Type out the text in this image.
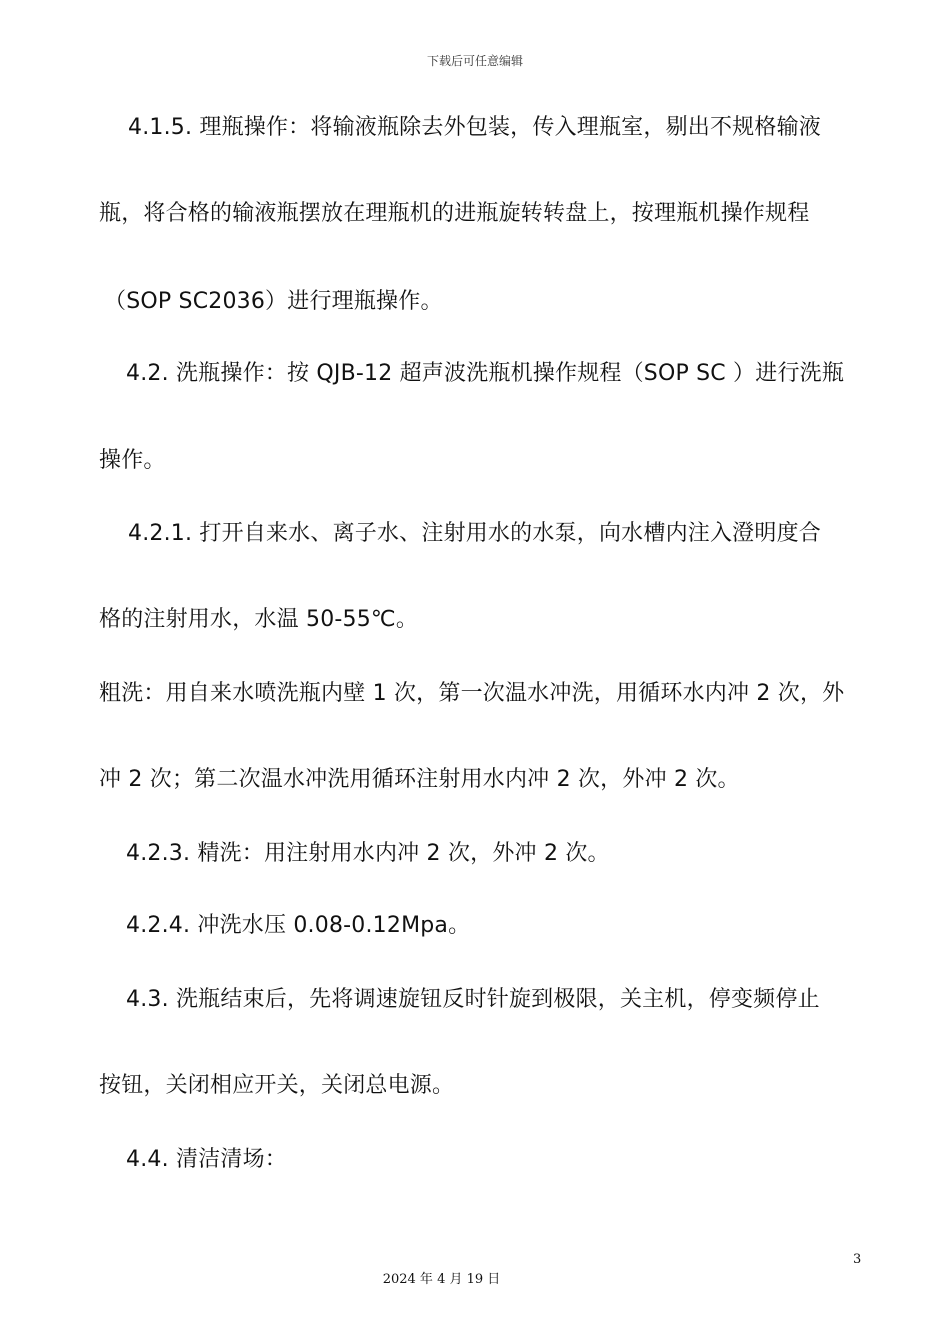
下载后可任意编辑
4.1.5. 理瓶操作：将输液瓶除去外包装，传入理瓶室，剔出不规格输液
瓶，将合格的输液瓶摆放在理瓶机的进瓶旋转转盘上，按理瓶机操作规程
（SOP SC2036）进行理瓶操作。
4.2. 洗瓶操作：按 QJB-12 超声波洗瓶机操作规程（SOP SC ）进行洗瓶
操作。
4.2.1. 打开自来水、离子水、注射用水的水泵，向水槽内注入澄明度合
格的注射用水，水温 50-55℃。
粗洗：用自来水喷洗瓶内壁 1 次，第一次温水冲洗，用循环水内冲 2 次，外
冲 2 次；第二次温水冲洗用循环注射用水内冲 2 次，外冲 2 次。
4.2.3. 精洗：用注射用水内冲 2 次，外冲 2 次。
4.2.4. 冲洗水压 0.08-0.12Mpa。
4.3. 洗瓶结束后，先将调速旋钮反时针旋到极限，关主机，停变频停止
按钮，关闭相应开关，关闭总电源。
4.4. 清洁清场：
3
2024 年 4 月 19 日
